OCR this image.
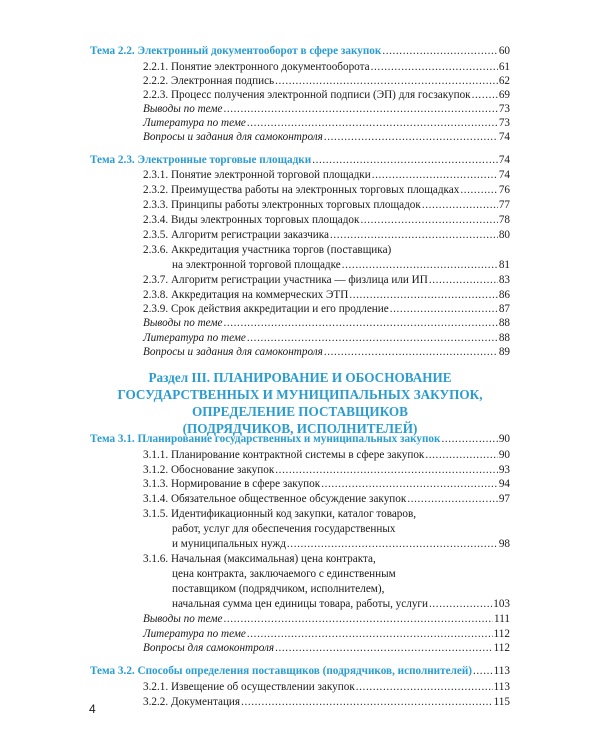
Тема 2.2. Электронный документооборот в сфере закупок .....	60
2.2.1. Понятие электронного документооборота .....	61
2.2.2. Электронная подпись .....	62
2.2.3. Процесс получения электронной подписи (ЭП) для госзакупок .....	69
Выводы по теме .....	73
Литература по теме .....	73
Вопросы и задания для самоконтроля .....	74
Тема 2.3. Электронные торговые площадки .....	74
2.3.1. Понятие электронной торговой площадки .....	74
2.3.2. Преимущества работы на электронных торговых площадках .....	76
2.3.3. Принципы работы электронных торговых площадок .....	77
2.3.4. Виды электронных торговых площадок .....	78
2.3.5. Алгоритм регистрации заказчика .....	80
2.3.6. Аккредитация участника торгов (поставщика)
на электронной торговой площадке .....	81
2.3.7. Алгоритм регистрации участника — физлица или ИП .....	83
2.3.8. Аккредитация на коммерческих ЭТП .....	86
2.3.9. Срок действия аккредитации и его продление .....	87
Выводы по теме .....	88
Литература по теме .....	88
Вопросы и задания для самоконтроля .....	89
Раздел III. ПЛАНИРОВАНИЕ И ОБОСНОВАНИЕ
ГОСУДАРСТВЕННЫХ И МУНИЦИПАЛЬНЫХ ЗАКУПОК,
ОПРЕДЕЛЕНИЕ ПОСТАВЩИКОВ
(ПОДРЯДЧИКОВ, ИСПОЛНИТЕЛЕЙ)
Тема 3.1. Планирование государственных и муниципальных закупок .....	90
3.1.1. Планирование контрактной системы в сфере закупок .....	90
3.1.2. Обоснование закупок .....	93
3.1.3. Нормирование в сфере закупок .....	94
3.1.4. Обязательное общественное обсуждение закупок .....	97
3.1.5. Идентификационный код закупки, каталог товаров,
работ, услуг для обеспечения государственных
и муниципальных нужд .....	98
3.1.6. Начальная (максимальная) цена контракта,
цена контракта, заключаемого с единственным
поставщиком (подрядчиком, исполнителем),
начальная сумма цен единицы товара, работы, услуги .....	103
Выводы по теме .....	111
Литература по теме .....	112
Вопросы для самоконтроля .....	112
Тема 3.2. Способы определения поставщиков (подрядчиков, исполнителей) ..... 113
3.2.1. Извещение об осуществлении закупок .....	113
3.2.2. Документация .....	115
4
